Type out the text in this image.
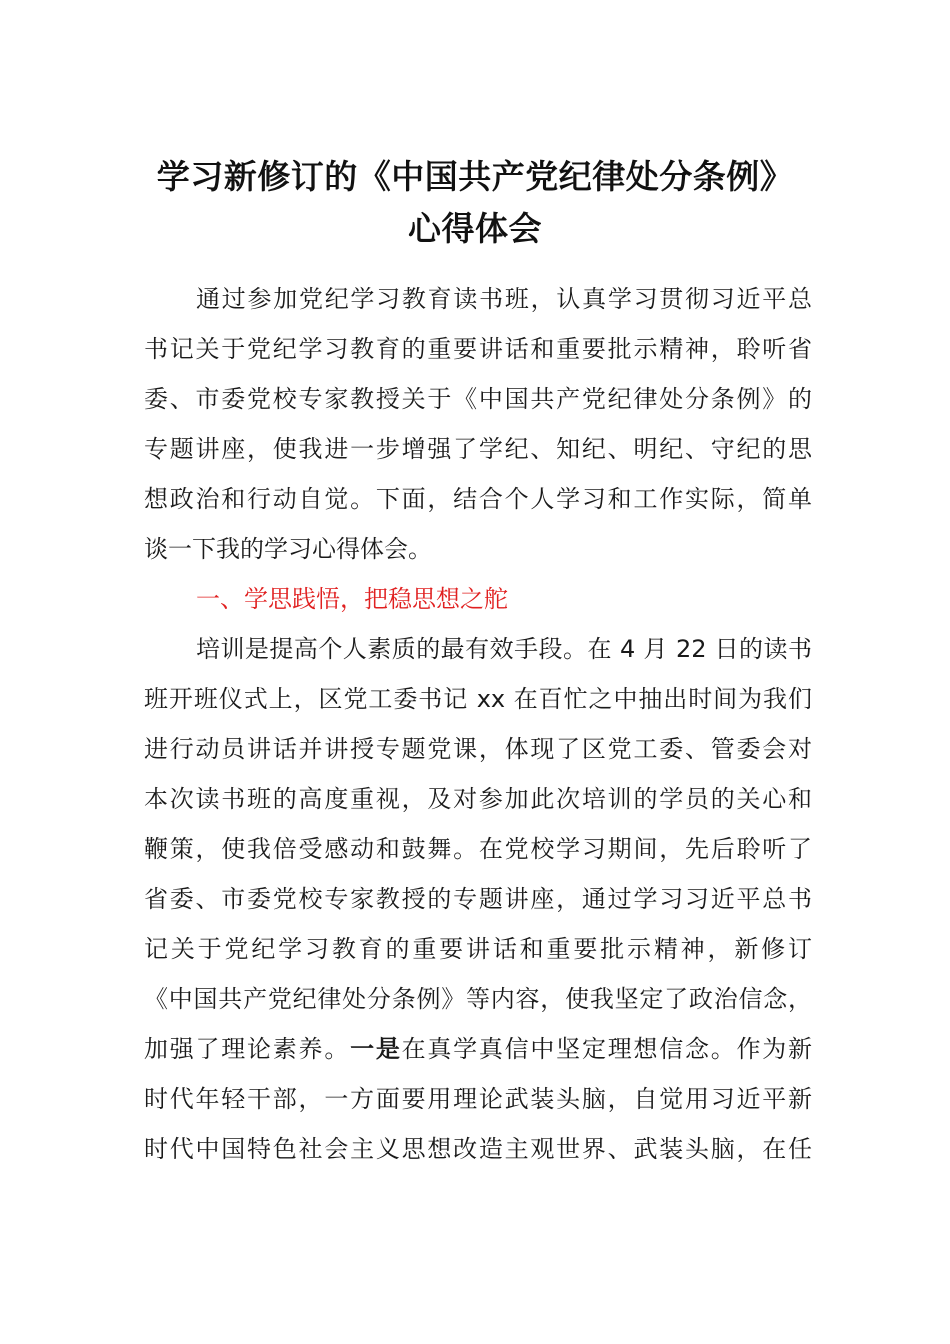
学习新修订的《中国共产党纪律处分条例》
心得体会
通过参加党纪学习教育读书班，认真学习贯彻习近平总
书记关于党纪学习教育的重要讲话和重要批示精神，聆听省
委、市委党校专家教授关于《中国共产党纪律处分条例》的
专题讲座，使我进一步增强了学纪、知纪、明纪、守纪的思
想政治和行动自觉。下面，结合个人学习和工作实际，简单
谈一下我的学习心得体会。
一、学思践悟，把稳思想之舵
培训是提高个人素质的最有效手段。在 4 月 22 日的读书
班开班仪式上，区党工委书记 xx 在百忙之中抽出时间为我们
进行动员讲话并讲授专题党课，体现了区党工委、管委会对
本次读书班的高度重视，及对参加此次培训的学员的关心和
鞭策，使我倍受感动和鼓舞。在党校学习期间，先后聆听了
省委、市委党校专家教授的专题讲座，通过学习习近平总书
记关于党纪学习教育的重要讲话和重要批示精神，新修订
《中国共产党纪律处分条例》等内容，使我坚定了政治信念，
加强了理论素养。一是在真学真信中坚定理想信念。作为新
时代年轻干部，一方面要用理论武装头脑，自觉用习近平新
时代中国特色社会主义思想改造主观世界、武装头脑，在任
